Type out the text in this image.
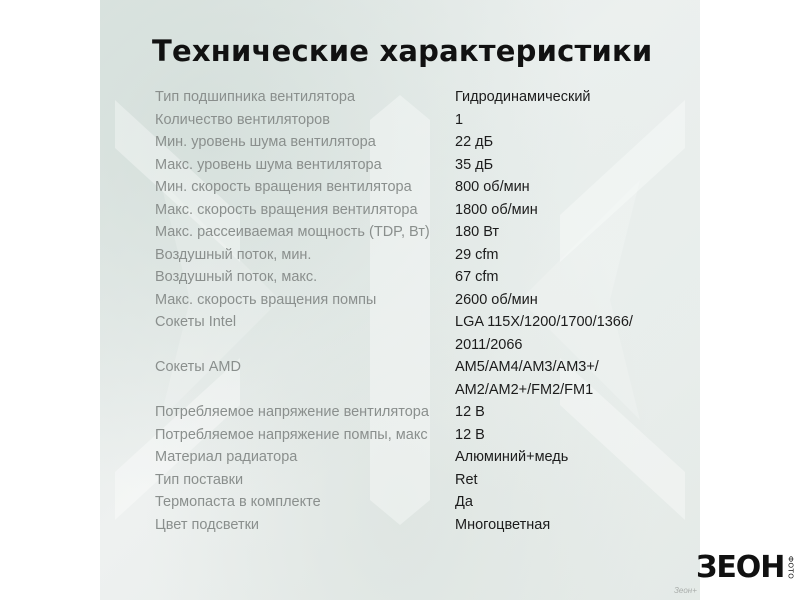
Технические характеристики
Тип подшипника вентилятора	Гидродинамический
Количество вентиляторов	1
Мин. уровень шума вентилятора	22 дБ
Макс. уровень шума вентилятора	35 дБ
Мин. скорость вращения вентилятора	800 об/мин
Макс. скорость вращения вентилятора	1800 об/мин
Макс. рассеиваемая мощность (TDP, Вт)	180 Вт
Воздушный поток, мин.	29 cfm
Воздушный поток, макс.	67 cfm
Макс. скорость вращения помпы	2600 об/мин
Сокеты Intel	LGA 115X/1200/1700/1366/ 2011/2066
Сокеты AMD	AM5/AM4/AM3/AM3+/ AM2/AM2+/FM2/FM1
Потребляемое напряжение вентилятора	12 В
Потребляемое напряжение помпы, макс	12 В
Материал радиатора	Алюминий+медь
Тип поставки	Ret
Термопаста в комплекте	Да
Цвет подсветки	Многоцветная
ЗЕОН ФОТО
Зеон+
